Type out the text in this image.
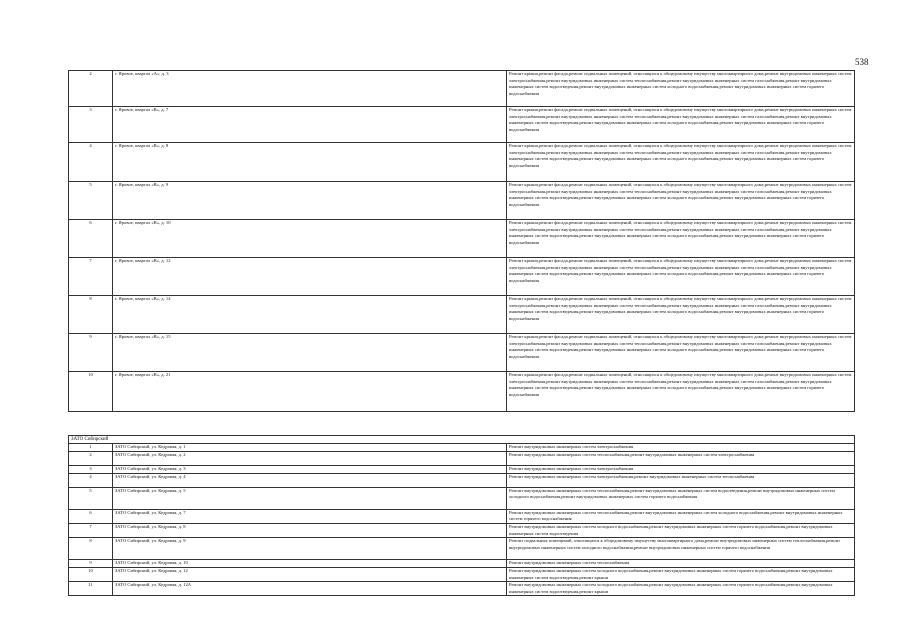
538
2	г. Яровое, квартал «А», д. 3	Ремонт крыши,ремонт фасада,ремонт подвальных помещений, относящихся к общедомовому имуществу многоквартирного дома,ремонт внутридомовых инженерных систем электроснабжения,ремонт внутридомовых инженерных систем теплоснабжения,ремонт внутридомовых инженерных систем газоснабжения,ремонт внутридомовых инженерных систем водоотведения,ремонт внутридомовых инженерных систем холодного водоснабжения,ремонт внутридомовых инженерных систем горячего водоснабжения
3	г. Яровое, квартал «В», д. 7	Ремонт крыши,ремонт фасада,ремонт подвальных помещений, относящихся к общедомовому имуществу многоквартирного дома,ремонт внутридомовых инженерных систем электроснабжения,ремонт внутридомовых инженерных систем теплоснабжения,ремонт внутридомовых инженерных систем газоснабжения,ремонт внутридомовых инженерных систем водоотведения,ремонт внутридомовых инженерных систем холодного водоснабжения,ремонт внутридомовых инженерных систем горячего водоснабжения
4	г. Яровое, квартал «В», д. 8	Ремонт крыши,ремонт фасада,ремонт подвальных помещений, относящихся к общедомовому имуществу многоквартирного дома,ремонт внутридомовых инженерных систем электроснабжения,ремонт внутридомовых инженерных систем теплоснабжения,ремонт внутридомовых инженерных систем газоснабжения,ремонт внутридомовых инженерных систем водоотведения,ремонт внутридомовых инженерных систем холодного водоснабжения,ремонт внутридомовых инженерных систем горячего водоснабжения
5	г. Яровое, квартал «В», д. 9	Ремонт крыши,ремонт фасада,ремонт подвальных помещений, относящихся к общедомовому имуществу многоквартирного дома,ремонт внутридомовых инженерных систем электроснабжения,ремонт внутридомовых инженерных систем теплоснабжения,ремонт внутридомовых инженерных систем газоснабжения,ремонт внутридомовых инженерных систем водоотведения,ремонт внутридомовых инженерных систем холодного водоснабжения,ремонт внутридомовых инженерных систем горячего водоснабжения
6	г. Яровое, квартал «В», д. 10	Ремонт крыши,ремонт фасада,ремонт подвальных помещений, относящихся к общедомовому имуществу многоквартирного дома,ремонт внутридомовых инженерных систем электроснабжения,ремонт внутридомовых инженерных систем теплоснабжения,ремонт внутридомовых инженерных систем газоснабжения,ремонт внутридомовых инженерных систем водоотведения,ремонт внутридомовых инженерных систем холодного водоснабжения,ремонт внутридомовых инженерных систем горячего водоснабжения
7	г. Яровое, квартал «В», д. 12	Ремонт крыши,ремонт фасада,ремонт подвальных помещений, относящихся к общедомовому имуществу многоквартирного дома,ремонт внутридомовых инженерных систем электроснабжения,ремонт внутридомовых инженерных систем теплоснабжения,ремонт внутридомовых инженерных систем газоснабжения,ремонт внутридомовых инженерных систем водоотведения,ремонт внутридомовых инженерных систем холодного водоснабжения,ремонт внутридомовых инженерных систем горячего водоснабжения
8	г. Яровое, квартал «В», д. 14	Ремонт крыши,ремонт фасада,ремонт подвальных помещений, относящихся к общедомовому имуществу многоквартирного дома,ремонт внутридомовых инженерных систем электроснабжения,ремонт внутридомовых инженерных систем теплоснабжения,ремонт внутридомовых инженерных систем газоснабжения,ремонт внутридомовых инженерных систем водоотведения,ремонт внутридомовых инженерных систем холодного водоснабжения,ремонт внутридомовых инженерных систем горячего водоснабжения
9	г. Яровое, квартал «В», д. 15	Ремонт крыши,ремонт фасада,ремонт подвальных помещений, относящихся к общедомовому имуществу многоквартирного дома,ремонт внутридомовых инженерных систем электроснабжения,ремонт внутридомовых инженерных систем теплоснабжения,ремонт внутридомовых инженерных систем газоснабжения,ремонт внутридомовых инженерных систем водоотведения,ремонт внутридомовых инженерных систем холодного водоснабжения,ремонт внутридомовых инженерных систем горячего водоснабжения
10	г. Яровое, квартал «В», д. 21	Ремонт крыши,ремонт фасада,ремонт подвальных помещений, относящихся к общедомовому имуществу многоквартирного дома,ремонт внутридомовых инженерных систем электроснабжения,ремонт внутридомовых инженерных систем теплоснабжения,ремонт внутридомовых инженерных систем газоснабжения,ремонт внутридомовых инженерных систем водоотведения,ремонт внутридомовых инженерных систем холодного водоснабжения,ремонт внутридомовых инженерных систем горячего водоснабжения

ЗАТО Сибирский		
1	ЗАТО Сибирский, ул. Кедровая, д. 1	Ремонт внутридомовых инженерных систем электроснабжения
2	ЗАТО Сибирский, ул. Кедровая, д. 2	Ремонт внутридомовых инженерных систем теплоснабжения,ремонт внутридомовых инженерных систем электроснабжения
3	ЗАТО Сибирский, ул. Кедровая, д. 3	Ремонт внутридомовых инженерных систем электроснабжения
4	ЗАТО Сибирский, ул. Кедровая, д. 4	Ремонт внутридомовых инженерных систем электроснабжения,ремонт внутридомовых инженерных систем теплоснабжения
5	ЗАТО Сибирский, ул. Кедровая, д. 5	Ремонт внутридомовых инженерных систем теплоснабжения,ремонт внутридомовых инженерных систем водоотведения,ремонт внутридомовых инженерных систем холодного водоснабжения,ремонт внутридомовых инженерных систем горячего водоснабжения
6	ЗАТО Сибирский, ул. Кедровая, д. 7	Ремонт внутридомовых инженерных систем теплоснабжения,ремонт внутридомовых инженерных систем холодного водоснабжения,ремонт внутридомовых инженерных систем горячего водоснабжения
7	ЗАТО Сибирский, ул. Кедровая, д. 8	Ремонт внутридомовых инженерных систем холодного водоснабжения,ремонт внутридомовых инженерных систем горячего водоснабжения,ремонт внутридомовых инженерных систем водоотведения
8	ЗАТО Сибирский, ул. Кедровая, д. 9	Ремонт подвальных помещений, относящихся к общедомовому имуществу многоквартирного дома,ремонт внутридомовых инженерных систем теплоснабжения,ремонт внутридомовых инженерных систем холодного водоснабжения,ремонт внутридомовых инженерных систем горячего водоснабжения
9	ЗАТО Сибирский, ул. Кедровая, д. 10	Ремонт внутридомовых инженерных систем теплоснабжения
10	ЗАТО Сибирский, ул. Кедровая, д. 12	Ремонт внутридомовых инженерных систем холодного водоснабжения,ремонт внутридомовых инженерных систем горячего водоснабжения,ремонт внутридомовых инженерных систем водоотведения,ремонт крыши
11	ЗАТО Сибирский, ул. Кедровая, д. 12А	Ремонт внутридомовых инженерных систем холодного водоснабжения,ремонт внутридомовых инженерных систем горячего водоснабжения,ремонт внутридомовых инженерных систем водоотведения,ремонт крыши
